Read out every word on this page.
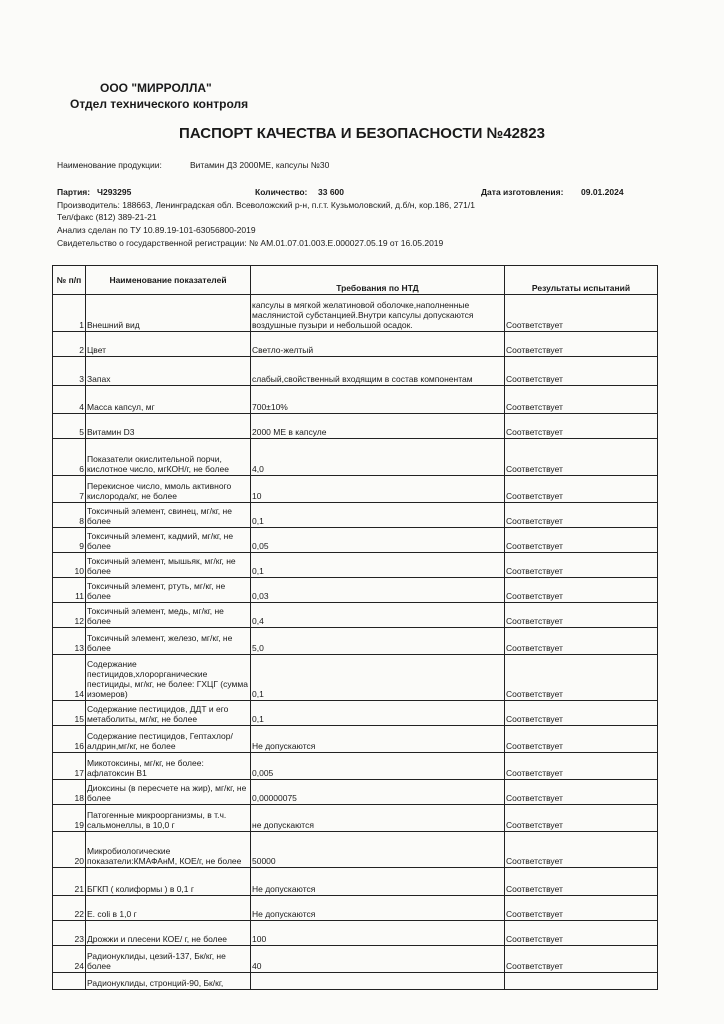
ООО "МИРРОЛЛА"
Отдел технического контроля
ПАСПОРТ КАЧЕСТВА И БЕЗОПАСНОСТИ №42823
Наименование продукции:	Витамин Д3 2000МЕ, капсулы №30
Партия: Ч293295	Количество: 33 600	Дата изготовления: 09.01.2024
Производитель: 188663, Ленинградская обл. Всеволожский р-н, п.г.т. Кузьмоловский, д.б/н, кор.186, 271/1
Тел/факс (812) 389-21-21
Анализ сделан по ТУ 10.89.19-101-63056800-2019
Свидетельство о государственной регистрации: № АМ.01.07.01.003.Е.000027.05.19 от 16.05.2019
№ п/п	Наименование показателей	Требования по НТД	Результаты испытаний
1	Внешний вид	капсулы в мягкой желатиновой оболочке,наполненные маслянистой субстанцией.Внутри капсулы допускаются воздушные пузыри и небольшой осадок.	Соответствует
2	Цвет	Светло-желтый	Соответствует
3	Запах	слабый,свойственный входящим в состав компонентам	Соответствует
4	Масса капсул, мг	700±10%	Соответствует
5	Витамин D3	2000 МЕ в капсуле	Соответствует
6	Показатели окислительной порчи, кислотное число, мгКОН/г, не более	4,0	Соответствует
7	Перекисное число, ммоль активного кислорода/кг, не более	10	Соответствует
8	Токсичный элемент, свинец, мг/кг, не более	0,1	Соответствует
9	Токсичный элемент, кадмий, мг/кг, не более	0,05	Соответствует
10	Токсичный элемент, мышьяк, мг/кг, не более	0,1	Соответствует
11	Токсичный элемент, ртуть, мг/кг, не более	0,03	Соответствует
12	Токсичный элемент, медь, мг/кг, не более	0,4	Соответствует
13	Токсичный элемент, железо, мг/кг, не более	5,0	Соответствует
14	Содержание пестицидов,хлорорганические пестициды, мг/кг, не более: ГХЦГ (сумма изомеров)	0,1	Соответствует
15	Содержание пестицидов, ДДТ и его метаболиты, мг/кг, не более	0,1	Соответствует
16	Содержание пестицидов, Гептахлор/ алдрин,мг/кг, не более	Не допускаются	Соответствует
17	Микотоксины, мг/кг, не более: афлатоксин В1	0,005	Соответствует
18	Диоксины (в пересчете на жир), мг/кг, не более	0,00000075	Соответствует
19	Патогенные микроорганизмы, в т.ч. сальмонеллы, в 10,0 г	не допускаются	Соответствует
20	Микробиологические показатели:КМАФАнМ, КОЕ/г, не более	50000	Соответствует
21	БГКП ( колиформы ) в 0,1 г	Не допускаются	Соответствует
22	E. coli в 1,0 г	Не допускаются	Соответствует
23	Дрожжи и плесени КОЕ/ г, не более	100	Соответствует
24	Радионуклиды, цезий-137, Бк/кг, не более	40	Соответствует
	Радионуклиды, стронций-90, Бк/кг,		
